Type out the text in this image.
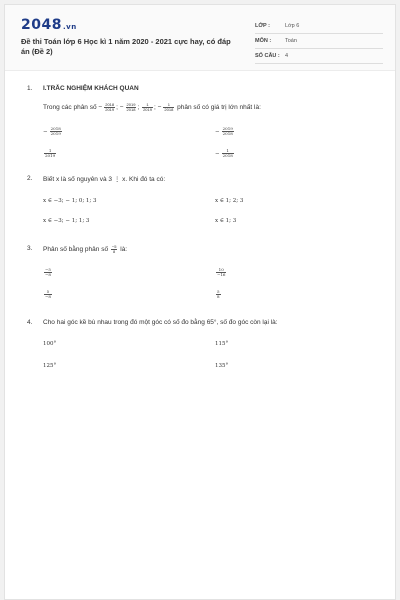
2048.vn
Đề thi Toán lớp 6 Học kì 1 năm 2020 - 2021 cực hay, có đáp án (Đề 2)
LỚP :	Lớp 6
MÔN :	Toán
SỐ CÂU : 4
1. I.TRẮC NGHIỆM KHÁCH QUAN
Trong các phân số − $\frac{2018}{2019}$ ; − $\frac{2019}{2018}$ ; $\frac{1}{2019}$ ; − $\frac{1}{2018}$ phân số có giá trị lớn nhất là:
− $\frac{2018}{2019}$	− $\frac{2019}{2018}$
$\frac{1}{2019}$	− $\frac{1}{2018}$
2. Biết x là số nguyên và 3 ⋮ x. Khi đó ta có:
x ∈ −3; − 1; 0; 1; 3	x ∈ 1; 2; 3
x ∈ −3; − 1; 1; 3	x ∈ 1; 3
3. Phân số bằng phân số $\frac{-5}{8}$ là:
$\frac{-5}{-8}$	$\frac{10}{-16}$
$\frac{5}{-8}$	$\frac{5}{8}$
4. Cho hai góc kề bù nhau trong đó một góc có số đo bằng 65°, số đo góc còn lại là:
100°	115°
125°	135°
